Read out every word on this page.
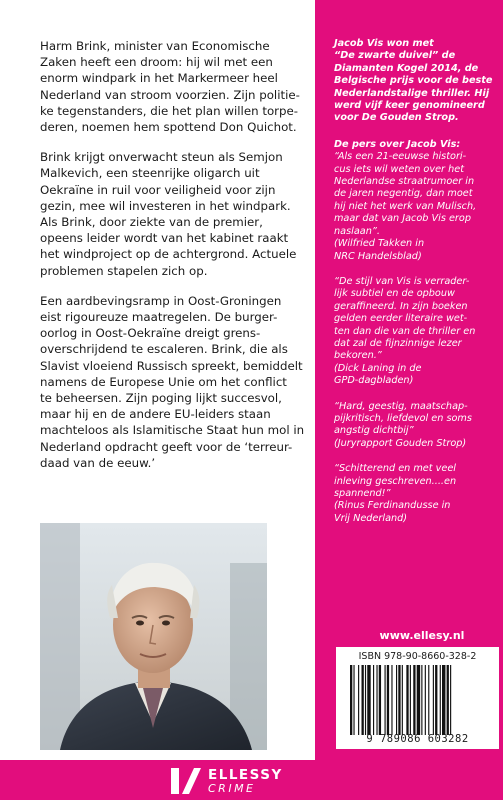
Harm Brink, minister van Economische
Zaken heeft een droom: hij wil met een
enorm windpark in het Markermeer heel
Nederland van stroom voorzien. Zijn politie-
ke tegenstanders, die het plan willen torpe-
deren, noemen hem spottend Don Quichot.

Brink krijgt onverwacht steun als Semjon
Malkevich, een steenrijke oligarch uit
Oekraïne in ruil voor veiligheid voor zijn
gezin, mee wil investeren in het windpark.
Als Brink, door ziekte van de premier,
opeens leider wordt van het kabinet raakt
het windproject op de achtergrond. Actuele
problemen stapelen zich op.

Een aardbevingsramp in Oost-Groningen
eist rigoureuze maatregelen. De burger-
oorlog in Oost-Oekraïne dreigt grens-
overschrijdend te escaleren. Brink, die als
Slavist vloeiend Russisch spreekt, bemiddelt
namens de Europese Unie om het conflict
te beheersen. Zijn poging lijkt succesvol,
maar hij en de andere EU-leiders staan
machteloos als Islamitische Staat hun mol in
Nederland opdracht geeft voor de ‘terreur-
daad van de eeuw.’

Jacob Vis won met
“De zwarte duivel” de
Diamanten Kogel 2014, de
Belgische prijs voor de beste
Nederlandstalige thriller. Hij
werd vijf keer genomineerd
voor De Gouden Strop.
De pers over Jacob Vis:
“Als een 21-eeuwse histori-
cus iets wil weten over het
Nederlandse straatrumoer in
de jaren negentig, dan moet
hij niet het werk van Mulisch,
maar dat van Jacob Vis erop
naslaan”.
(Wilfried Takken in
NRC Handelsblad)
“De stijl van Vis is verrader-
lijk subtiel en de opbouw
geraffineerd. In zijn boeken
gelden eerder literaire wet-
ten dan die van de thriller en
dat zal de fijnzinnige lezer
bekoren.”
(Dick Laning in de
GPD-dagbladen)
“Hard, geestig, maatschap-
pijkritisch, liefdevol en soms
angstig dichtbij”
(Juryrapport Gouden Strop)
“Schitterend en met veel
inleving geschreven....en
spannend!”
(Rinus Ferdinandusse in
Vrij Nederland)
www.ellesy.nl
ISBN 978-90-8660-328-2
9 789086 603282
ELLESSY
CRIME
